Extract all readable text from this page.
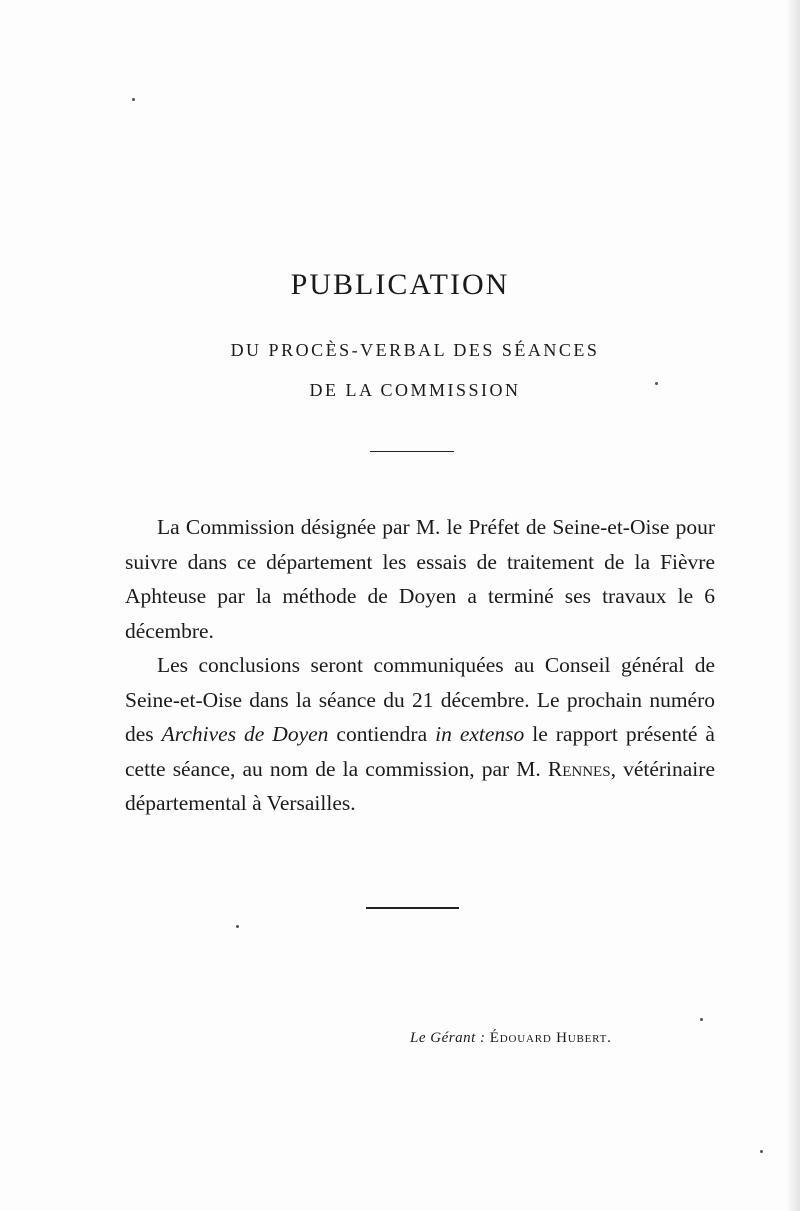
PUBLICATION
DU PROCÈS-VERBAL DES SÉANCES
DE LA COMMISSION

La Commission désignée par M. le Préfet de Seine-et-Oise pour suivre dans ce département les essais de traitement de la Fièvre Aphteuse par la méthode de Doyen a terminé ses travaux le 6 décembre.

Les conclusions seront communiquées au Conseil général de Seine-et-Oise dans la séance du 21 décembre. Le prochain numéro des Archives de Doyen contiendra in extenso le rapport présenté à cette séance, au nom de la commission, par M. Rennes, vétérinaire départemental à Versailles.

Le Gérant : Édouard Hubert.
